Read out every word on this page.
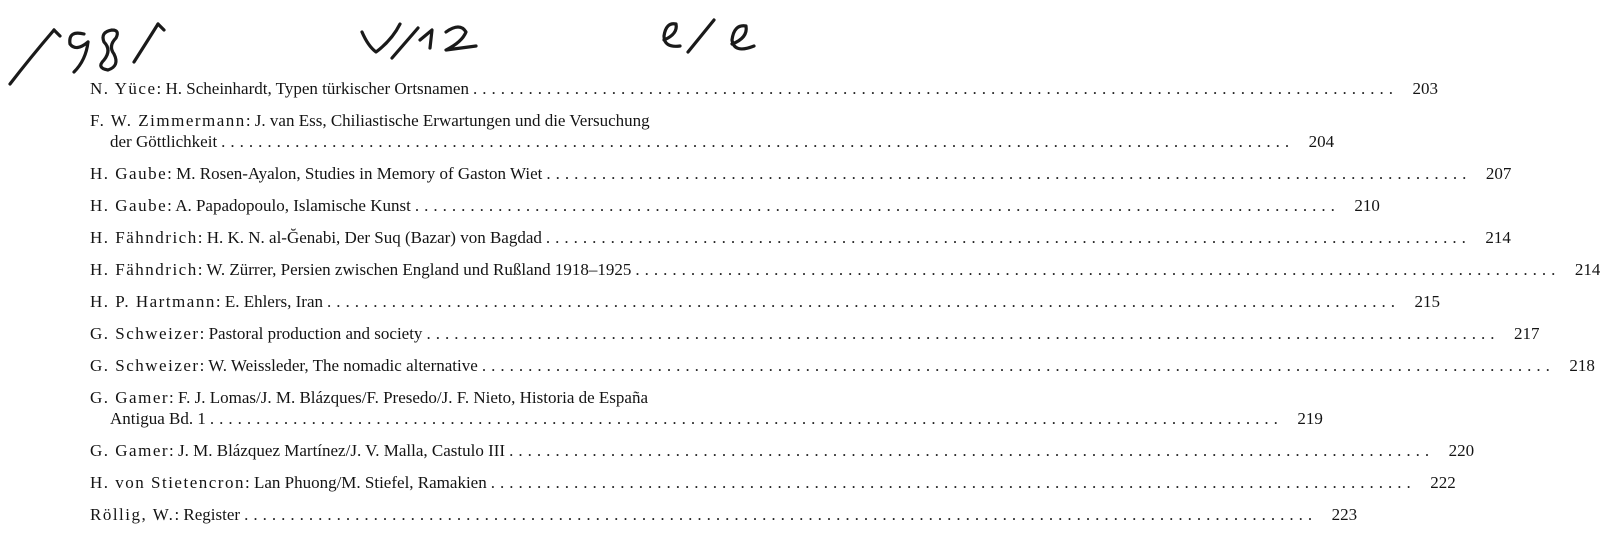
N. Yüce: H. Scheinhardt, Typen türkischer Ortsnamen .................................................................................................... 203
F. W. Zimmermann: J. van Ess, Chiliastische Erwartungen und die Versuchung
der Göttlichkeit .................................................................................................................... 204
H. Gaube: M. Rosen-Ayalon, Studies in Memory of Gaston Wiet .................................................................................................... 207
H. Gaube: A. Papadopoulo, Islamische Kunst .................................................................................................... 210
H. Fähndrich: H. K. N. al-Ğenabi, Der Suq (Bazar) von Bagdad .................................................................................................... 214
H. Fähndrich: W. Zürrer, Persien zwischen England und Rußland 1918–1925 .................................................................................................... 214
H. P. Hartmann: E. Ehlers, Iran .................................................................................................................... 215
G. Schweizer: Pastoral production and society .................................................................................................................... 217
G. Schweizer: W. Weissleder, The nomadic alternative .................................................................................................................... 218
G. Gamer: F. J. Lomas/J. M. Blázques/F. Presedo/J. F. Nieto, Historia de España
Antigua Bd. 1 .................................................................................................................... 219
G. Gamer: J. M. Blázquez Martínez/J. V. Malla, Castulo III .................................................................................................... 220
H. von Stietencron: Lan Phuong/M. Stiefel, Ramakien .................................................................................................... 222
Röllig, W.: Register .................................................................................................................... 223
